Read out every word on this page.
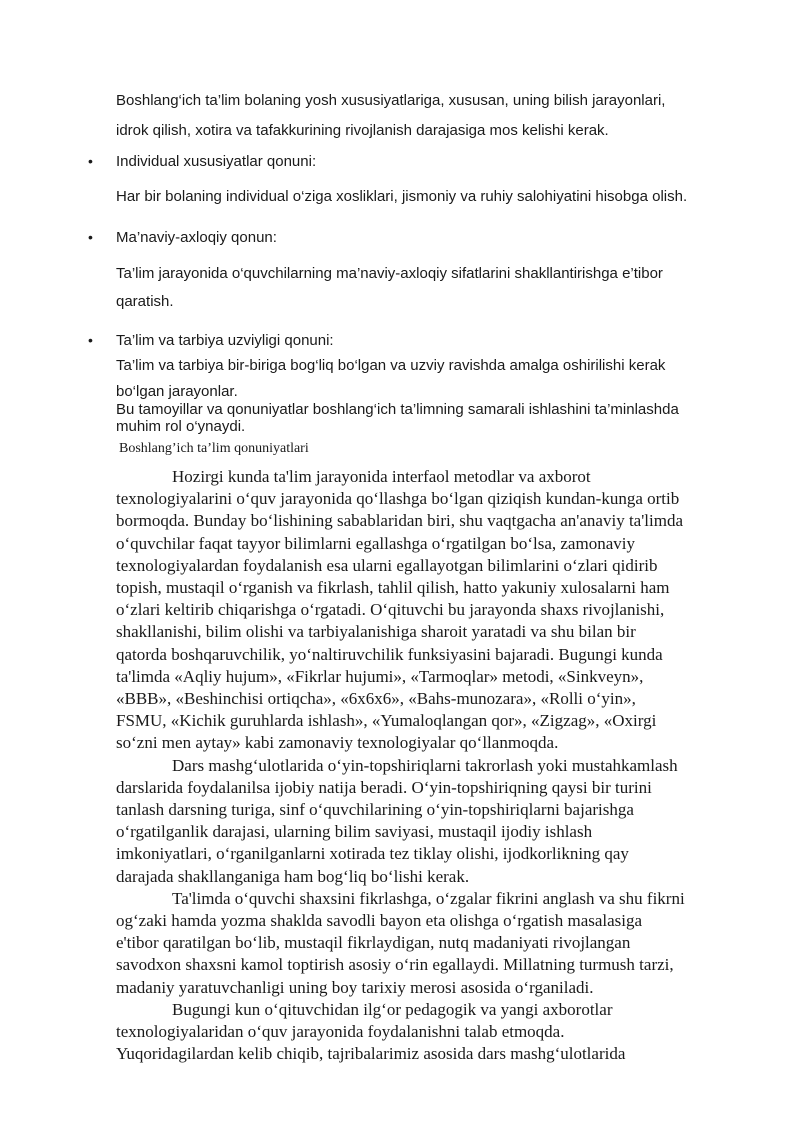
Boshlang‘ich ta’lim bolaning yosh xususiyatlariga, xususan, uning bilish jarayonlari,
idrok qilish, xotira va tafakkurining rivojlanish darajasiga mos kelishi kerak.

• Individual xususiyatlar qonuni:

Har bir bolaning individual o‘ziga xosliklari, jismoniy va ruhiy salohiyatini hisobga olish.

• Ma’naviy-axloqiy qonun:

Ta’lim jarayonida o‘quvchilarning ma’naviy-axloqiy sifatlarini shakllantirishga e’tibor
qaratish.

• Ta’lim va tarbiya uzviyligi qonuni:

Ta’lim va tarbiya bir-biriga bog‘liq bo‘lgan va uzviy ravishda amalga oshirilishi kerak
bo‘lgan jarayonlar.

Bu tamoyillar va qonuniyatlar boshlang‘ich ta’limning samarali ishlashini ta’minlashda
muhim rol o‘ynaydi.

Boshlang’ich ta’lim qonuniyatlari

Hozirgi kunda ta'lim jarayonida interfaol metodlar va axborot
texnologiyalarini o‘quv jarayonida qo‘llashga bo‘lgan qiziqish kundan-kunga ortib
bormoqda. Bunday bo‘lishining sabablaridan biri, shu vaqtgacha an'anaviy ta'limda
o‘quvchilar faqat tayyor bilimlarni egallashga o‘rgatilgan bo‘lsa, zamonaviy
texnologiyalardan foydalanish esa ularni egallayotgan bilimlarini o‘zlari qidirib
topish, mustaqil o‘rganish va fikrlash, tahlil qilish, hatto yakuniy xulosalarni ham
o‘zlari keltirib chiqarishga o‘rgatadi. O‘qituvchi bu jarayonda shaxs rivojlanishi,
shakllanishi, bilim olishi va tarbiyalanishiga sharoit yaratadi va shu bilan bir
qatorda boshqaruvchilik, yo‘naltiruvchilik funksiyasini bajaradi. Bugungi kunda
ta'limda «Aqliy hujum», «Fikrlar hujumi», «Tarmoqlar» metodi, «Sinkveyn»,
«BBB», «Beshinchisi ortiqcha», «6x6x6», «Bahs-munozara», «Rolli o‘yin»,
FSMU, «Kichik guruhlarda ishlash», «Yumaloqlangan qor», «Zigzag», «Oxirgi
so‘zni men aytay» kabi zamonaviy texnologiyalar qo‘llanmoqda.

Dars mashg‘ulotlarida o‘yin-topshiriqlarni takrorlash yoki mustahkamlash
darslarida foydalanilsa ijobiy natija beradi. O‘yin-topshiriqning qaysi bir turini
tanlash darsning turiga, sinf o‘quvchilarining o‘yin-topshiriqlarni bajarishga
o‘rgatilganlik darajasi, ularning bilim saviyasi, mustaqil ijodiy ishlash
imkoniyatlari, o‘rganilganlarni xotirada tez tiklay olishi, ijodkorlikning qay
darajada shakllanganiga ham bog‘liq bo‘lishi kerak.

Ta'limda o‘quvchi shaxsini fikrlashga, o‘zgalar fikrini anglash va shu fikrni
og‘zaki hamda yozma shaklda savodli bayon eta olishga o‘rgatish masalasiga
e'tibor qaratilgan bo‘lib, mustaqil fikrlaydigan, nutq madaniyati rivojlangan
savodxon shaxsni kamol toptirish asosiy o‘rin egallaydi. Millatning turmush tarzi,
madaniy yaratuvchanligi uning boy tarixiy merosi asosida o‘rganiladi.

Bugungi kun o‘qituvchidan ilg‘or pedagogik va yangi axborotlar
texnologiyalaridan o‘quv jarayonida foydalanishni talab etmoqda.
Yuqoridagilardan kelib chiqib, tajribalarimiz asosida dars mashg‘ulotlarida
